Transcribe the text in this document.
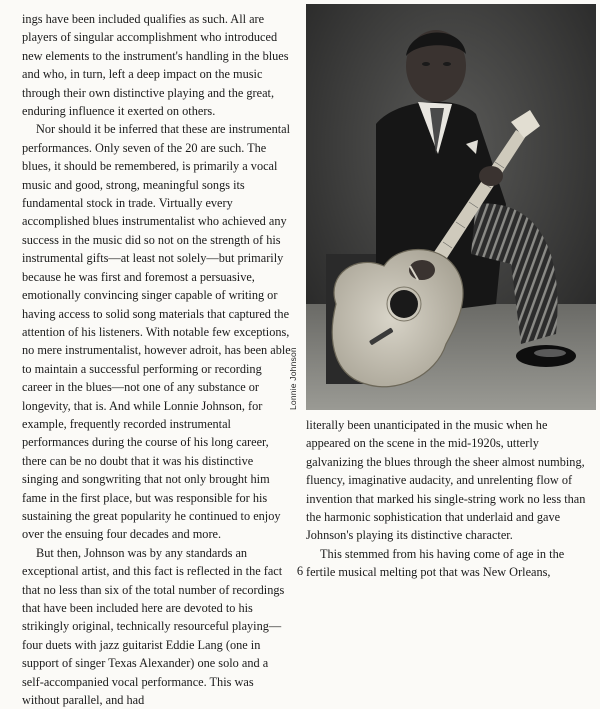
ings have been included qualifies as such. All are players of singular accomplishment who introduced new elements to the instrument's handling in the blues and who, in turn, left a deep impact on the music through their own distinctive playing and the great, enduring influence it exerted on others.

Nor should it be inferred that these are instrumental performances. Only seven of the 20 are such. The blues, it should be remembered, is primarily a vocal music and good, strong, meaningful songs its fundamental stock in trade. Virtually every accomplished blues instrumentalist who achieved any success in the music did so not on the strength of his instrumental gifts—at least not solely—but primarily because he was first and foremost a persuasive, emotionally convincing singer capable of writing or having access to solid song materials that captured the attention of his listeners. With notable few exceptions, no mere instrumentalist, however adroit, has been able to maintain a successful performing or recording career in the blues—not one of any substance or longevity, that is. And while Lonnie Johnson, for example, frequently recorded instrumental performances during the course of his long career, there can be no doubt that it was his distinctive singing and songwriting that not only brought him fame in the first place, but was responsible for his sustaining the great popularity he continued to enjoy over the ensuing four decades and more.

But then, Johnson was by any standards an exceptional artist, and this fact is reflected in the fact that no less than six of the total number of recordings that have been included here are devoted to his strikingly original, technically resourceful playing—four duets with jazz guitarist Eddie Lang (one in support of singer Texas Alexander) one solo and a self-accompanied vocal performance. This was without parallel, and had

Lonnie Johnson

literally been unanticipated in the music when he appeared on the scene in the mid-1920s, utterly galvanizing the blues through the sheer almost numbing, fluency, imaginative audacity, and unrelenting flow of invention that marked his single-string work no less than the harmonic sophistication that underlaid and gave Johnson's playing its distinctive character.

This stemmed from his having come of age in the fertile musical melting pot that was New Orleans,

6
